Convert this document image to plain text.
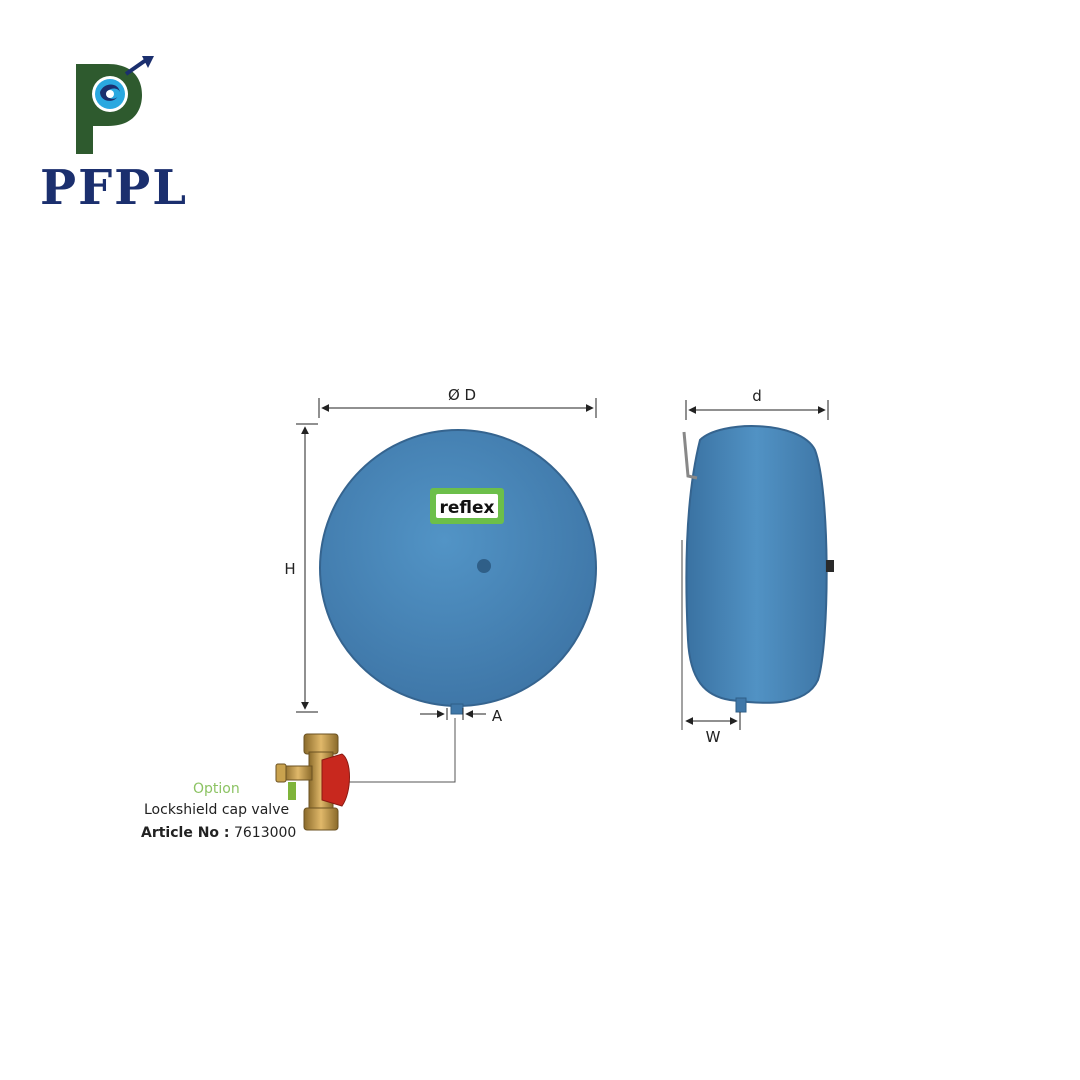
PFPL
reflex
Ø D
H
A
d
W
Option
Lockshield cap valve
Article No : 7613000
